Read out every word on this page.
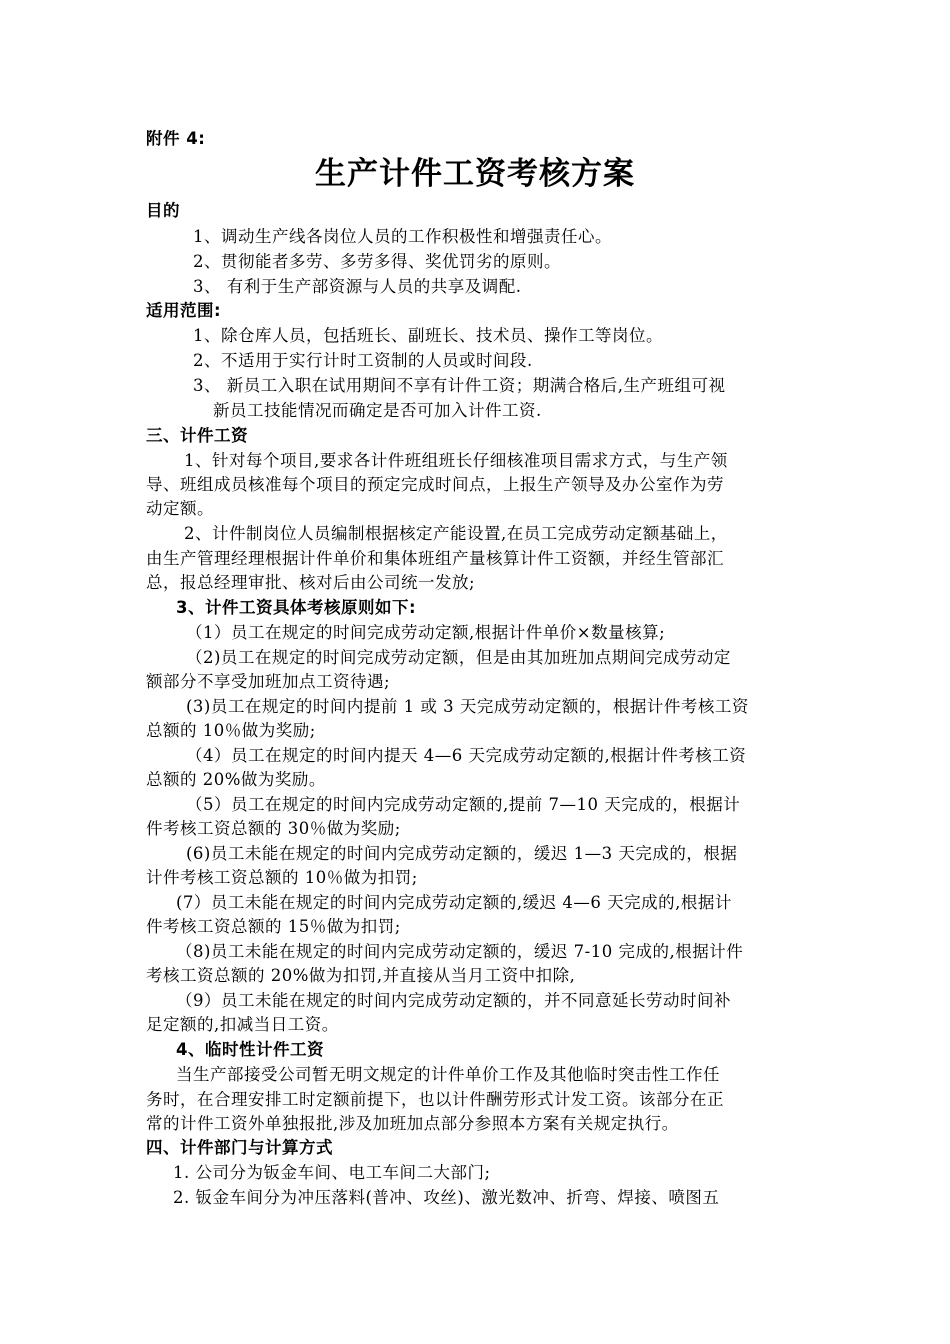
附件 4:
生产计件工资考核方案
目的
1、调动生产线各岗位人员的工作积极性和增强责任心。
2、贯彻能者多劳、多劳多得、奖优罚劣的原则。
3、 有利于生产部资源与人员的共享及调配.
适用范围:
1、除仓库人员，包括班长、副班长、技术员、操作工等岗位。
2、不适用于实行计时工资制的人员或时间段.
3、 新员工入职在试用期间不享有计件工资；期满合格后,生产班组可视
新员工技能情况而确定是否可加入计件工资.
三、计件工资
1、针对每个项目,要求各计件班组班长仔细核准项目需求方式，与生产领
导、班组成员核准每个项目的预定完成时间点，上报生产领导及办公室作为劳
动定额。
2、计件制岗位人员编制根据核定产能设置,在员工完成劳动定额基础上，
由生产管理经理根据计件单价和集体班组产量核算计件工资额，并经生管部汇
总，报总经理审批、核对后由公司统一发放;
3、计件工资具体考核原则如下:
（1）员工在规定的时间完成劳动定额,根据计件单价×数量核算;
（2)员工在规定的时间完成劳动定额，但是由其加班加点期间完成劳动定
额部分不享受加班加点工资待遇;
(3)员工在规定的时间内提前 1 或 3 天完成劳动定额的，根据计件考核工资
总额的 10％做为奖励;
（4）员工在规定的时间内提天 4—6 天完成劳动定额的,根据计件考核工资
总额的 20%做为奖励。
（5）员工在规定的时间内完成劳动定额的,提前 7—10 天完成的，根据计
件考核工资总额的 30％做为奖励;
(6)员工未能在规定的时间内完成劳动定额的，缓迟 1—3 天完成的，根据
计件考核工资总额的 10％做为扣罚;
(7）员工未能在规定的时间内完成劳动定额的,缓迟 4—6 天完成的,根据计
件考核工资总额的 15％做为扣罚;
（8)员工未能在规定的时间内完成劳动定额的，缓迟 7-10 完成的,根据计件
考核工资总额的 20%做为扣罚,并直接从当月工资中扣除,
（9）员工未能在规定的时间内完成劳动定额的，并不同意延长劳动时间补
足定额的,扣减当日工资。
4、临时性计件工资
当生产部接受公司暂无明文规定的计件单价工作及其他临时突击性工作任
务时，在合理安排工时定额前提下，也以计件酬劳形式计发工资。该部分在正
常的计件工资外单独报批,涉及加班加点部分参照本方案有关规定执行。
四、计件部门与计算方式
1. 公司分为钣金车间、电工车间二大部门;
2. 钣金车间分为冲压落料(普冲、攻丝)、激光数冲、折弯、焊接、喷图五
